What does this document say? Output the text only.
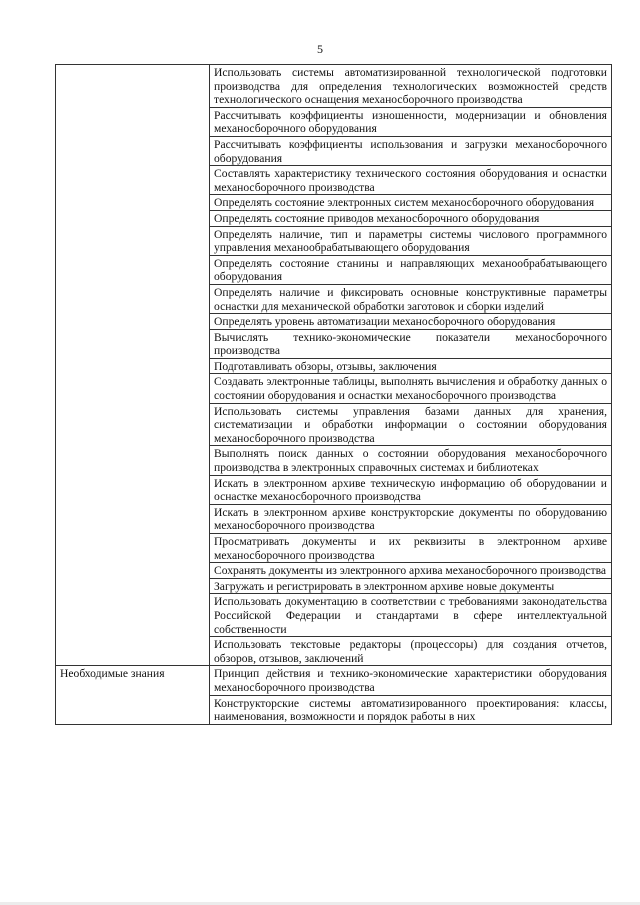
5
	Использовать системы автоматизированной технологической подготовки производства для определения технологических возможностей средств технологического оснащения механосборочного производства
	Рассчитывать коэффициенты изношенности, модернизации и обновления механосборочного оборудования
	Рассчитывать коэффициенты использования и загрузки механосборочного оборудования
	Составлять характеристику технического состояния оборудования и оснастки механосборочного производства
	Определять состояние электронных систем механосборочного оборудования
	Определять состояние приводов механосборочного оборудования
	Определять наличие, тип и параметры системы числового программного управления механообрабатывающего оборудования
	Определять состояние станины и направляющих механообрабатывающего оборудования
	Определять наличие и фиксировать основные конструктивные параметры оснастки для механической обработки заготовок и сборки изделий
	Определять уровень автоматизации механосборочного оборудования
	Вычислять технико-экономические показатели механосборочного производства
	Подготавливать обзоры, отзывы, заключения
	Создавать электронные таблицы, выполнять вычисления и обработку данных о состоянии оборудования и оснастки механосборочного производства
	Использовать системы управления базами данных для хранения, систематизации и обработки информации о состоянии оборудования механосборочного производства
	Выполнять поиск данных о состоянии оборудования механосборочного производства в электронных справочных системах и библиотеках
	Искать в электронном архиве техническую информацию об оборудовании и оснастке механосборочного производства
	Искать в электронном архиве конструкторские документы по оборудованию механосборочного производства
	Просматривать документы и их реквизиты в электронном архиве механосборочного производства
	Сохранять документы из электронного архива механосборочного производства
	Загружать и регистрировать в электронном архиве новые документы
	Использовать документацию в соответствии с требованиями законодательства Российской Федерации и стандартами в сфере интеллектуальной собственности
	Использовать текстовые редакторы (процессоры) для создания отчетов, обзоров, отзывов, заключений
Необходимые знания	Принцип действия и технико-экономические характеристики оборудования механосборочного производства
	Конструкторские системы автоматизированного проектирования: классы, наименования, возможности и порядок работы в них
